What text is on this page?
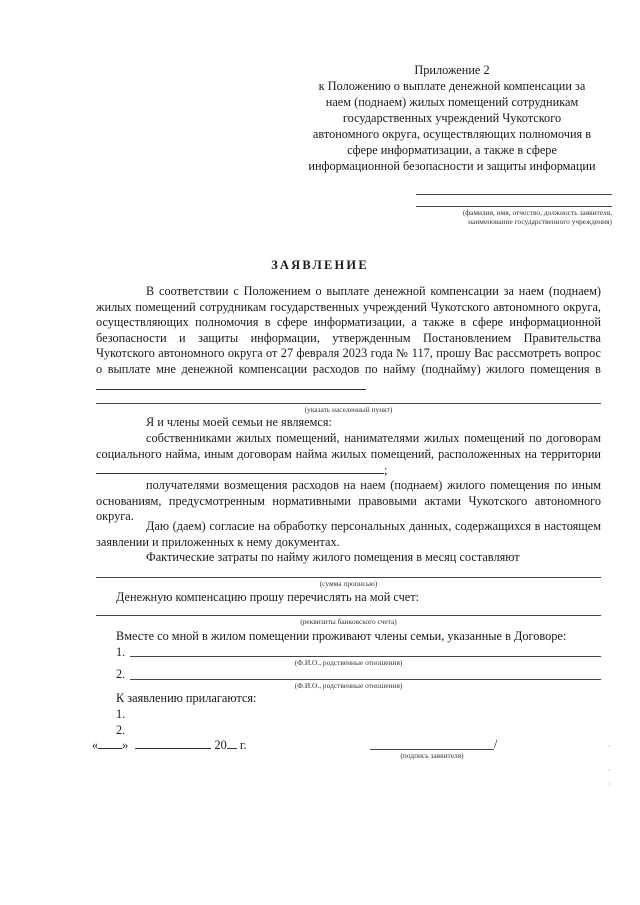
Приложение 2
к Положению о выплате денежной компенсации за
наем (поднаем) жилых помещений сотрудникам
государственных учреждений Чукотского
автономного округа, осуществляющих полномочия в
сфере информатизации, а также в сфере
информационной безопасности и защиты информации
(фамилия, имя, отчество, должность заявителя,
наименование государственного учреждения)
ЗАЯВЛЕНИЕ
В соответствии с Положением о выплате денежной компенсации за наем (поднаем) жилых помещений сотрудникам государственных учреждений Чукотского автономного округа, осуществляющих полномочия в сфере информатизации, а также в сфере информационной безопасности и защиты информации, утвержденным Постановлением Правительства Чукотского автономного округа от 27 февраля 2023 года № 117, прошу Вас рассмотреть вопрос о выплате мне денежной компенсации расходов по найму (поднайму) жилого помещения в
(указать населенный пункт)
Я и члены моей семьи не являемся:
собственниками жилых помещений, нанимателями жилых помещений по договорам социального найма, иным договорам найма жилых помещений, расположенных на территории ;
получателями возмещения расходов на наем (поднаем) жилого помещения по иным основаниям, предусмотренным нормативными правовыми актами Чукотского автономного округа.
Даю (даем) согласие на обработку персональных данных, содержащихся в настоящем заявлении и приложенных к нему документах.
Фактические затраты по найму жилого помещения в месяц составляют
(сумма прописью)
Денежную компенсацию прошу перечислять на мой счет:
(реквизиты банковского счета)
Вместе со мной в жилом помещении проживают члены семьи, указанные в Договоре:
1.
(Ф.И.О., родственные отношения)
2.
(Ф.И.О., родственные отношения)
К заявлению прилагаются:
1.
2.
« »	20 г.	/
(подпись заявителя)
·
·
·
